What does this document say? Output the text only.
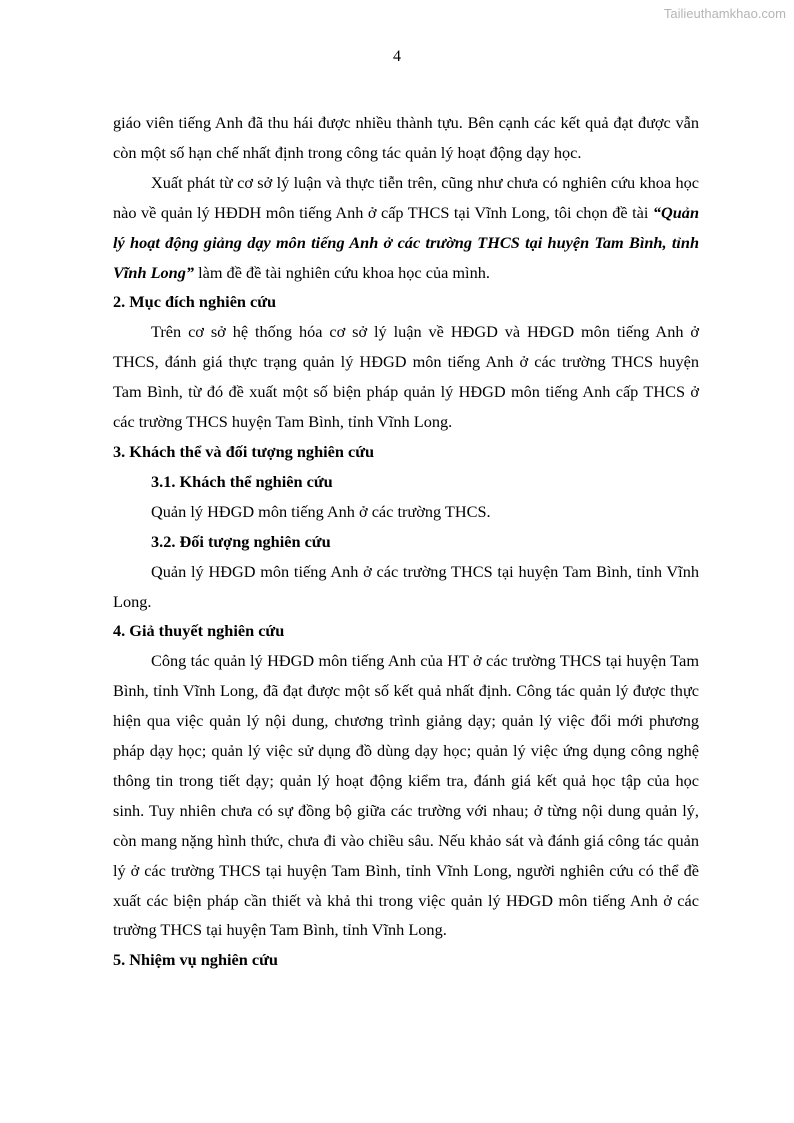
Tailieuthamkhao.com
4

giáo viên tiếng Anh đã thu hái được nhiều thành tựu. Bên cạnh các kết quả đạt được vẫn còn một số hạn chế nhất định trong công tác quản lý hoạt động dạy học.

Xuất phát từ cơ sở lý luận và thực tiễn trên, cũng như chưa có nghiên cứu khoa học nào về quản lý HĐDH môn tiếng Anh ở cấp THCS tại Vĩnh Long, tôi chọn đề tài “Quản lý hoạt động giảng dạy môn tiếng Anh ở các trường THCS tại huyện Tam Bình, tỉnh Vĩnh Long” làm đề đề tài nghiên cứu khoa học của mình.

2. Mục đích nghiên cứu

Trên cơ sở hệ thống hóa cơ sở lý luận về HĐGD và HĐGD môn tiếng Anh ở THCS, đánh giá thực trạng quản lý HĐGD môn tiếng Anh ở các trường THCS huyện Tam Bình, từ đó đề xuất một số biện pháp quản lý HĐGD môn tiếng Anh cấp THCS ở các trường THCS huyện Tam Bình, tỉnh Vĩnh Long.

3. Khách thể và đối tượng nghiên cứu
3.1. Khách thể nghiên cứu

Quản lý HĐGD môn tiếng Anh ở các trường THCS.

3.2. Đối tượng nghiên cứu

Quản lý HĐGD môn tiếng Anh ở các trường THCS tại huyện Tam Bình, tỉnh Vĩnh Long.

4. Giả thuyết nghiên cứu

Công tác quản lý HĐGD môn tiếng Anh của HT ở các trường THCS tại huyện Tam Bình, tỉnh Vĩnh Long, đã đạt được một số kết quả nhất định. Công tác quản lý được thực hiện qua việc quản lý nội dung, chương trình giảng dạy; quản lý việc đổi mới phương pháp dạy học; quản lý việc sử dụng đồ dùng dạy học; quản lý việc ứng dụng công nghệ thông tin trong tiết dạy; quản lý hoạt động kiểm tra, đánh giá kết quả học tập của học sinh. Tuy nhiên chưa có sự đồng bộ giữa các trường với nhau; ở từng nội dung quản lý, còn mang nặng hình thức, chưa đi vào chiều sâu. Nếu khảo sát và đánh giá công tác quản lý ở các trường THCS tại huyện Tam Bình, tỉnh Vĩnh Long, người nghiên cứu có thể đề xuất các biện pháp cần thiết và khả thi trong việc quản lý HĐGD môn tiếng Anh ở các trường THCS tại huyện Tam Bình, tỉnh Vĩnh Long.

5. Nhiệm vụ nghiên cứu
